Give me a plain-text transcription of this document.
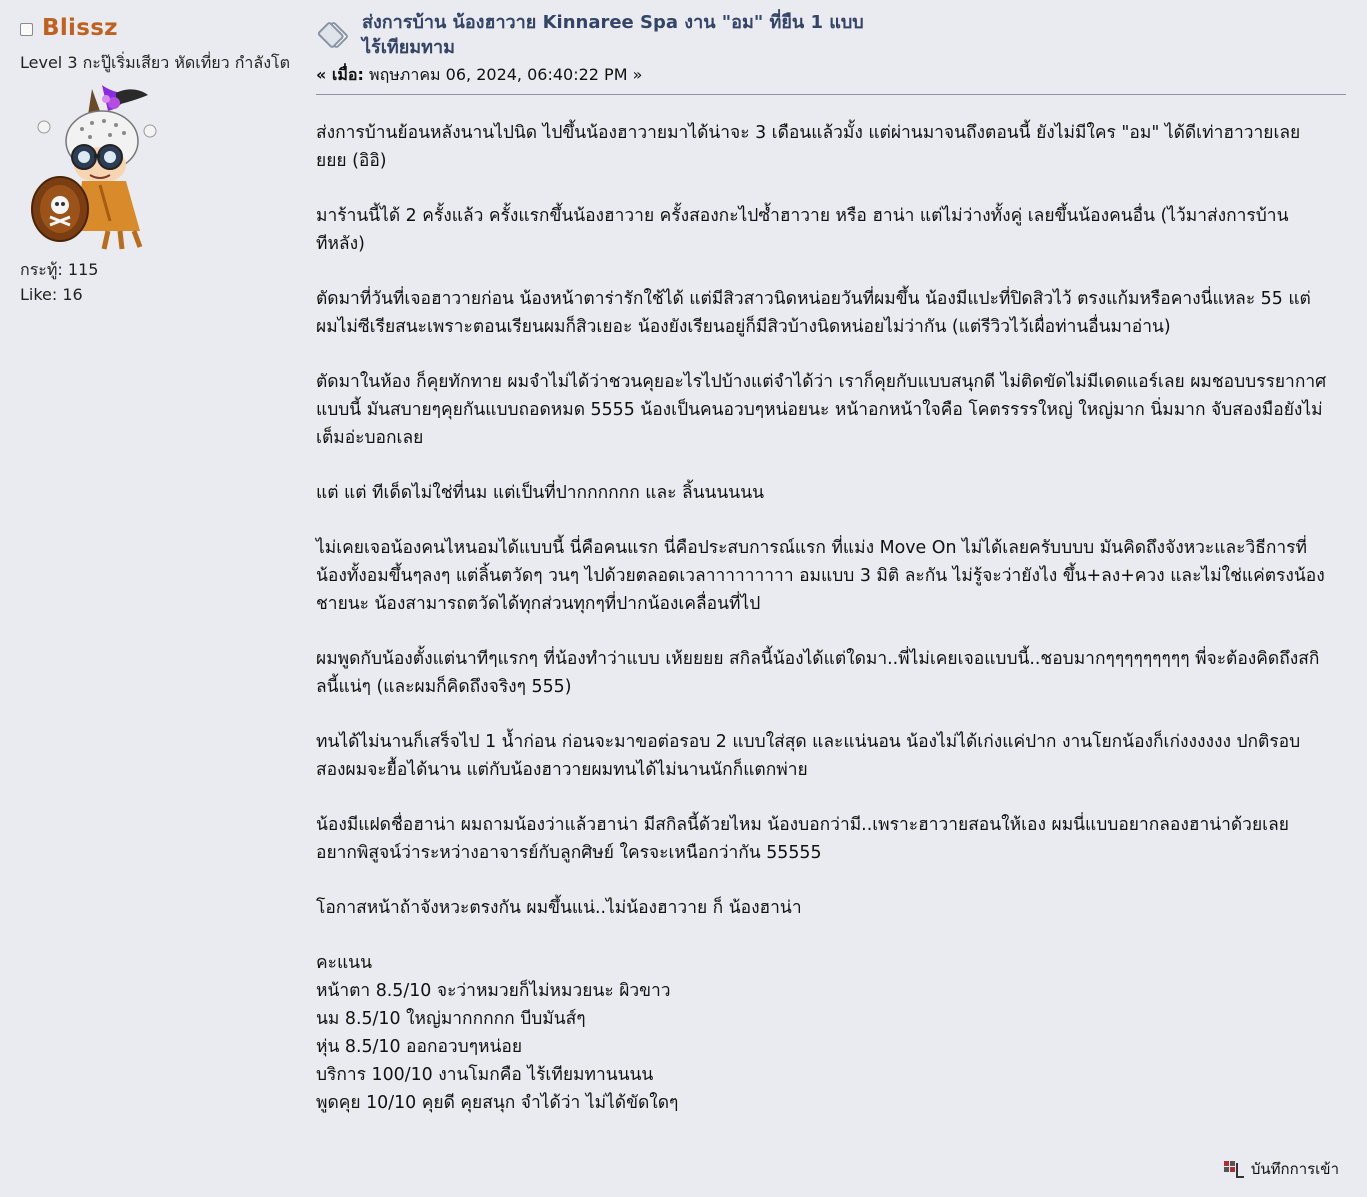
Blissz
Level 3 กะปู๊เริ่มเสียว หัดเที่ยว กำลังโต
กระทู้: 115
Like: 16
ส่งการบ้าน น้องฮาวาย Kinnaree Spa งาน "อม" ที่ยืน 1 แบบไร้เทียมทาม
« เมื่อ: พฤษภาคม 06, 2024, 06:40:22 PM »

ส่งการบ้านย้อนหลังนานไปนิด ไปขึ้นน้องฮาวายมาได้น่าจะ 3 เดือนแล้วมั้ง แต่ผ่านมาจนถึงตอนนี้ ยังไม่มีใคร "อม" ได้ดีเท่าฮาวายเลยยยย (อิอิ)

มาร้านนี้ได้ 2 ครั้งแล้ว ครั้งแรกขึ้นน้องฮาวาย ครั้งสองกะไปซ้ำฮาวาย หรือ ฮาน่า แต่ไม่ว่างทั้งคู่ เลยขึ้นน้องคนอื่น (ไว้มาส่งการบ้านทีหลัง)

ตัดมาที่วันที่เจอฮาวายก่อน น้องหน้าตาร่ารักใช้ได้ แต่มีสิวสาวนิดหน่อยวันที่ผมขึ้น น้องมีแปะที่ปิดสิวไว้ ตรงแก้มหรือคางนี่แหละ 55 แต่ผมไม่ซีเรียสนะเพราะตอนเรียนผมก็สิวเยอะ น้องยังเรียนอยู่ก็มีสิวบ้างนิดหน่อยไม่ว่ากัน (แต่รีวิวไว้เผื่อท่านอื่นมาอ่าน)

ตัดมาในห้อง ก็คุยทักทาย ผมจำไม่ได้ว่าชวนคุยอะไรไปบ้างแต่จำได้ว่า เราก็คุยกับแบบสนุกดี ไม่ติดขัดไม่มีเดดแอร์เลย ผมชอบบรรยากาศแบบนี้ มันสบายๆคุยกันแบบถอดหมด 5555 น้องเป็นคนอวบๆหน่อยนะ หน้าอกหน้าใจคือ โคตรรรรใหญ่ ใหญ่มาก นิ่มมาก จับสองมือยังไม่เต็มอ่ะบอกเลย

แต่ แต่ ทีเด็ดไม่ใช่ที่นม แต่เป็นที่ปากกกกกก และ ลิ้นนนนนน

ไม่เคยเจอน้องคนไหนอมได้แบบนี้ นี่คือคนแรก นี่คือประสบการณ์แรก ที่แม่ง Move On ไม่ได้เลยครับบบบ มันคิดถึงจังหวะและวิธีการที่น้องทั้งอมขึ้นๆลงๆ แต่ลิ้นตวัดๆ วนๆ ไปด้วยตลอดเวลาาาาาาาาา อมแบบ 3 มิติ ละกัน ไม่รู้จะว่ายังไง ขึ้น+ลง+ควง และไม่ใช่แค่ตรงน้องชายนะ น้องสามารถตวัดได้ทุกส่วนทุกๆที่ปากน้องเคลื่อนที่ไป

ผมพูดกับน้องตั้งแต่นาทีๆแรกๆ ที่น้องทำว่าแบบ เห้ยยยย สกิลนี้น้องได้แต่ใดมา..พี่ไม่เคยเจอแบบนี้..ชอบมากๆๆๆๆๆๆๆๆๆ พี่จะต้องคิดถึงสกิลนี้แน่ๆ (และผมก็คิดถึงจริงๆ 555)

ทนได้ไม่นานก็เสร็จไป 1 น้ำก่อน ก่อนจะมาขอต่อรอบ 2 แบบใส่สุด และแน่นอน น้องไม่ได้เก่งแค่ปาก งานโยกน้องก็เก่งงงงงง ปกติรอบสองผมจะยื้อได้นาน แต่กับน้องฮาวายผมทนได้ไม่นานนักก็แตกพ่าย

น้องมีแฝดชื่อฮาน่า ผมถามน้องว่าแล้วฮาน่า มีสกิลนี้ด้วยไหม น้องบอกว่ามี..เพราะฮาวายสอนให้เอง ผมนี่แบบอยากลองฮาน่าด้วยเลย อยากพิสูจน์ว่าระหว่างอาจารย์กับลูกศิษย์ ใครจะเหนือกว่ากัน 55555

โอกาสหน้าถ้าจังหวะตรงกัน ผมขึ้นแน่..ไม่น้องฮาวาย ก็ น้องฮาน่า

คะแนน
หน้าตา 8.5/10 จะว่าหมวยก็ไม่หมวยนะ ผิวขาว
นม 8.5/10 ใหญ่มากกกกก บีบมันส์ๆ
หุ่น 8.5/10 ออกอวบๆหน่อย
บริการ 100/10 งานโมกคือ ไร้เทียมทานนนน
พูดคุย 10/10 คุยดี คุยสนุก จำได้ว่า ไม่ได้ขัดใดๆ
บันทึกการเข้า
